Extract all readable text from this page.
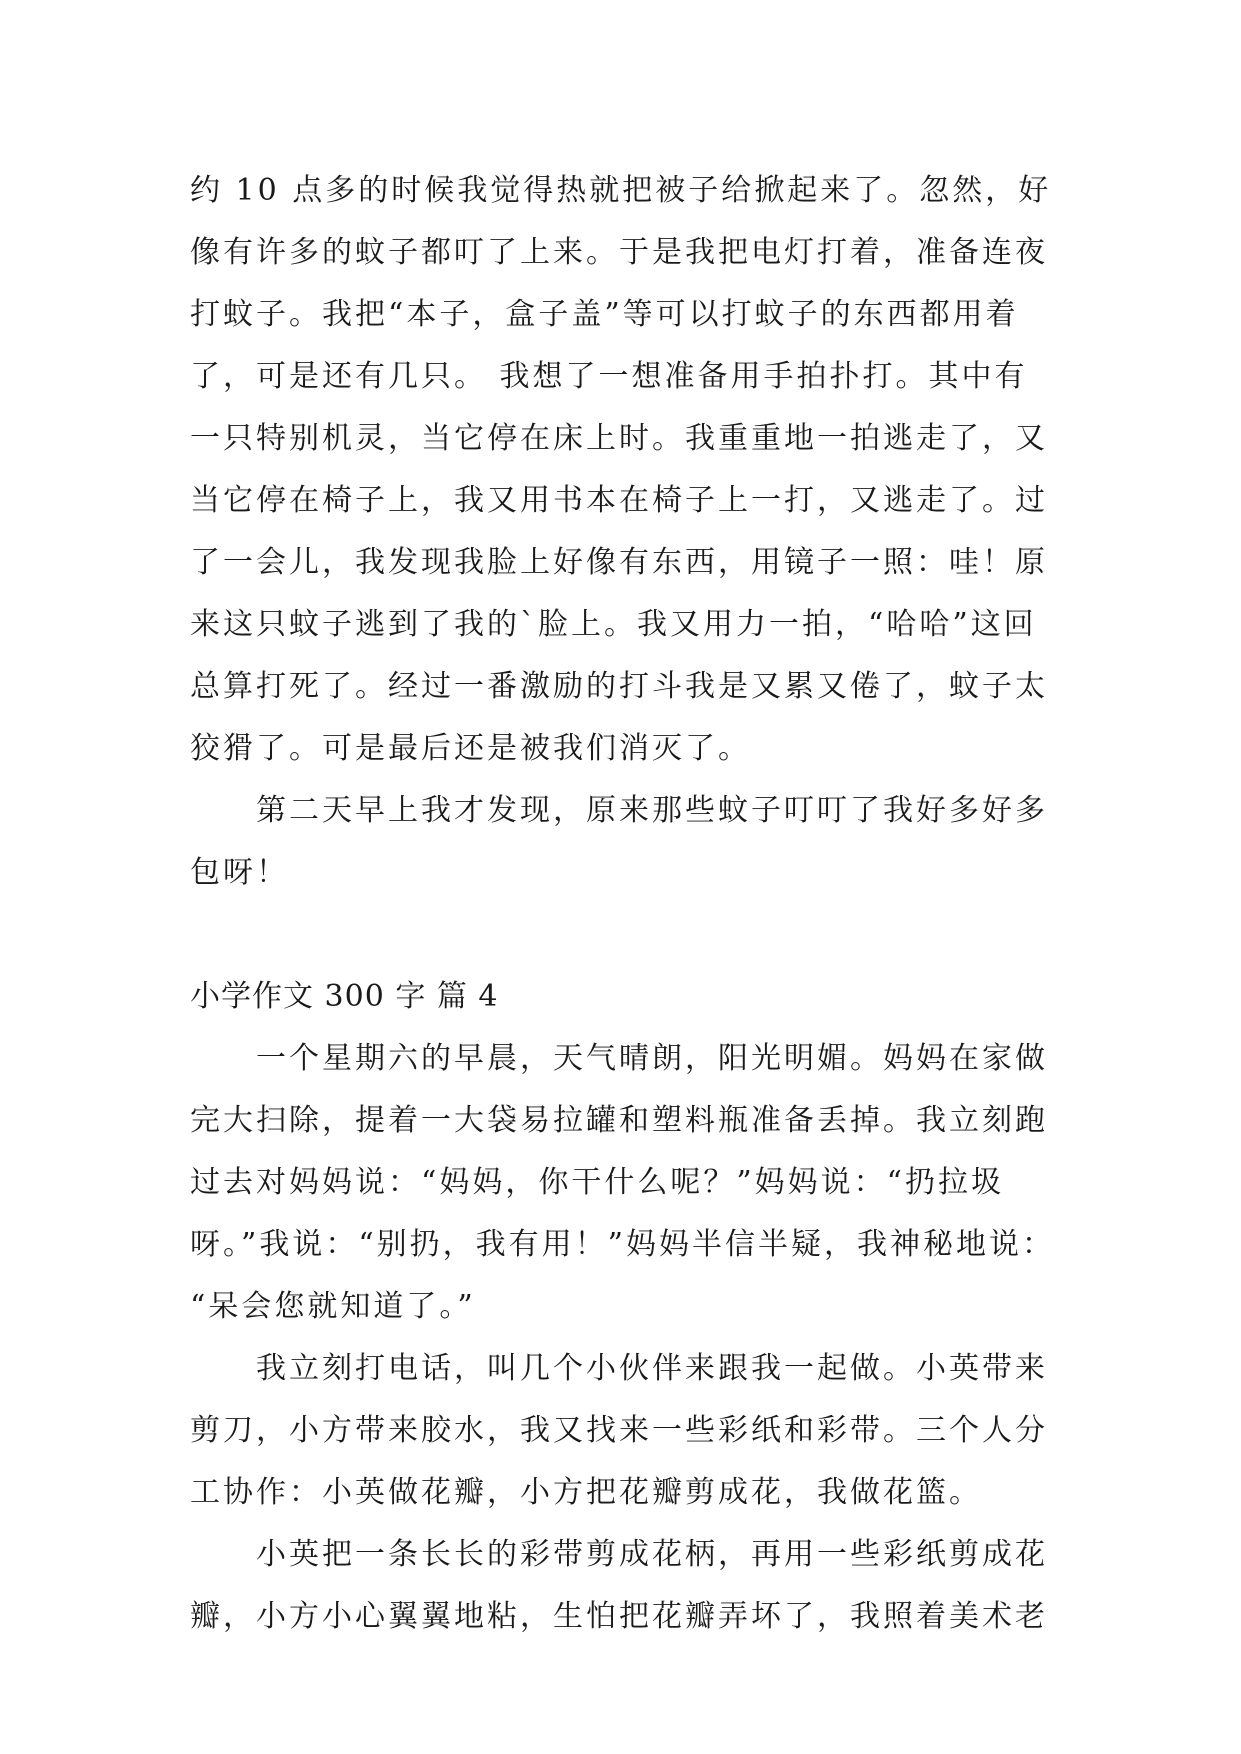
约 10 点多的时候我觉得热就把被子给掀起来了。忽然，好
像有许多的蚊子都叮了上来。于是我把电灯打着，准备连夜
打蚊子。我把“本子，盒子盖”等可以打蚊子的东西都用着
了，可是还有几只。 我想了一想准备用手拍扑打。其中有
一只特别机灵，当它停在床上时。我重重地一拍逃走了，又
当它停在椅子上，我又用书本在椅子上一打，又逃走了。过
了一会儿，我发现我脸上好像有东西，用镜子一照：哇！原
来这只蚊子逃到了我的`脸上。我又用力一拍，“哈哈”这回
总算打死了。经过一番激励的打斗我是又累又倦了，蚊子太
狡猾了。可是最后还是被我们消灭了。
第二天早上我才发现，原来那些蚊子叮叮了我好多好多
包呀！
小学作文 300 字 篇 4
一个星期六的早晨，天气晴朗，阳光明媚。妈妈在家做
完大扫除，提着一大袋易拉罐和塑料瓶准备丢掉。我立刻跑
过去对妈妈说：“妈妈，你干什么呢？”妈妈说：“扔拉圾
呀。”我说：“别扔，我有用！”妈妈半信半疑，我神秘地说：
“呆会您就知道了。”
我立刻打电话，叫几个小伙伴来跟我一起做。小英带来
剪刀，小方带来胶水，我又找来一些彩纸和彩带。三个人分
工协作：小英做花瓣，小方把花瓣剪成花，我做花篮。
小英把一条长长的彩带剪成花柄，再用一些彩纸剪成花
瓣，小方小心翼翼地粘，生怕把花瓣弄坏了，我照着美术老
